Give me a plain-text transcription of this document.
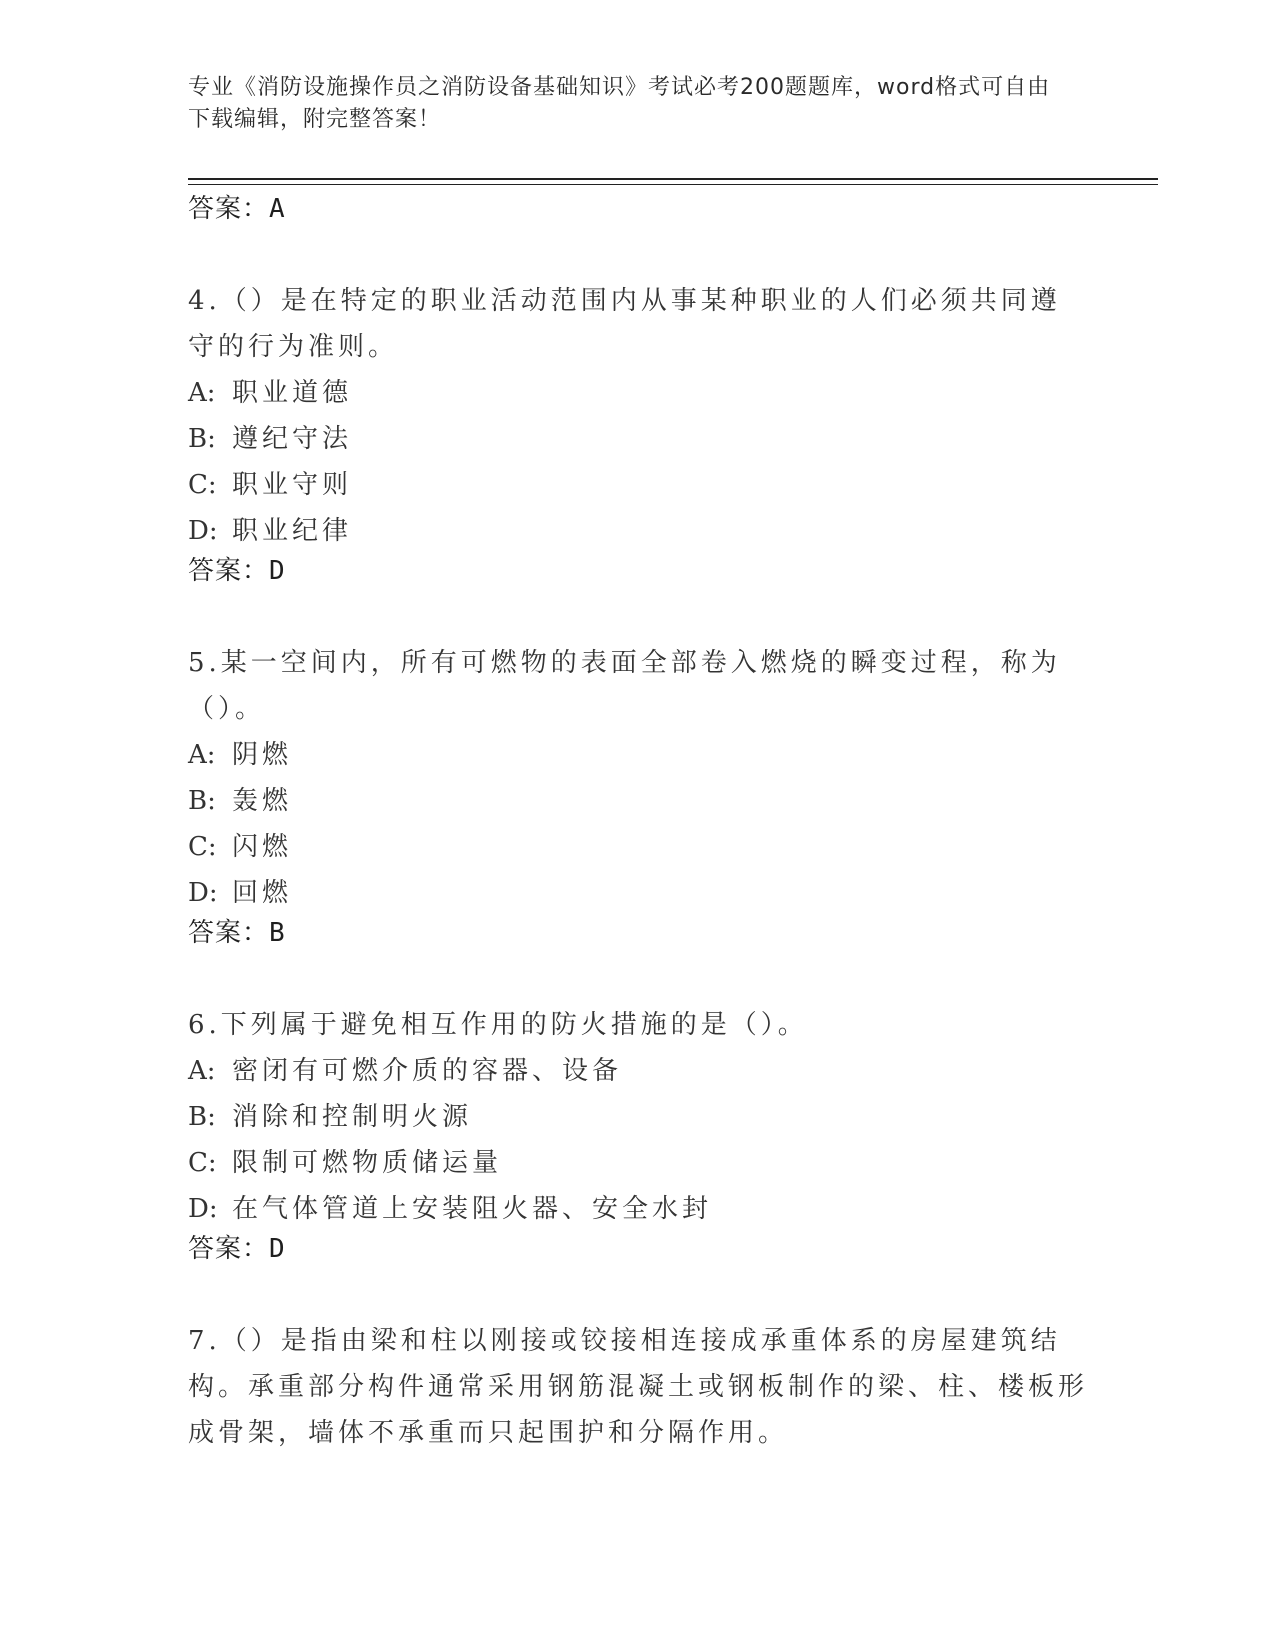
专业《消防设施操作员之消防设备基础知识》考试必考200题题库，word格式可自由下载编辑，附完整答案！
答案：A
4.（）是在特定的职业活动范围内从事某种职业的人们必须共同遵守的行为准则。
A: 职业道德
B: 遵纪守法
C: 职业守则
D: 职业纪律
答案：D
5.某一空间内，所有可燃物的表面全部卷入燃烧的瞬变过程，称为（）。
A: 阴燃
B: 轰燃
C: 闪燃
D: 回燃
答案：B
6.下列属于避免相互作用的防火措施的是（）。
A: 密闭有可燃介质的容器、设备
B: 消除和控制明火源
C: 限制可燃物质储运量
D: 在气体管道上安装阻火器、安全水封
答案：D
7.（）是指由梁和柱以刚接或铰接相连接成承重体系的房屋建筑结构。承重部分构件通常采用钢筋混凝土或钢板制作的梁、柱、楼板形成骨架，墙体不承重而只起围护和分隔作用。
